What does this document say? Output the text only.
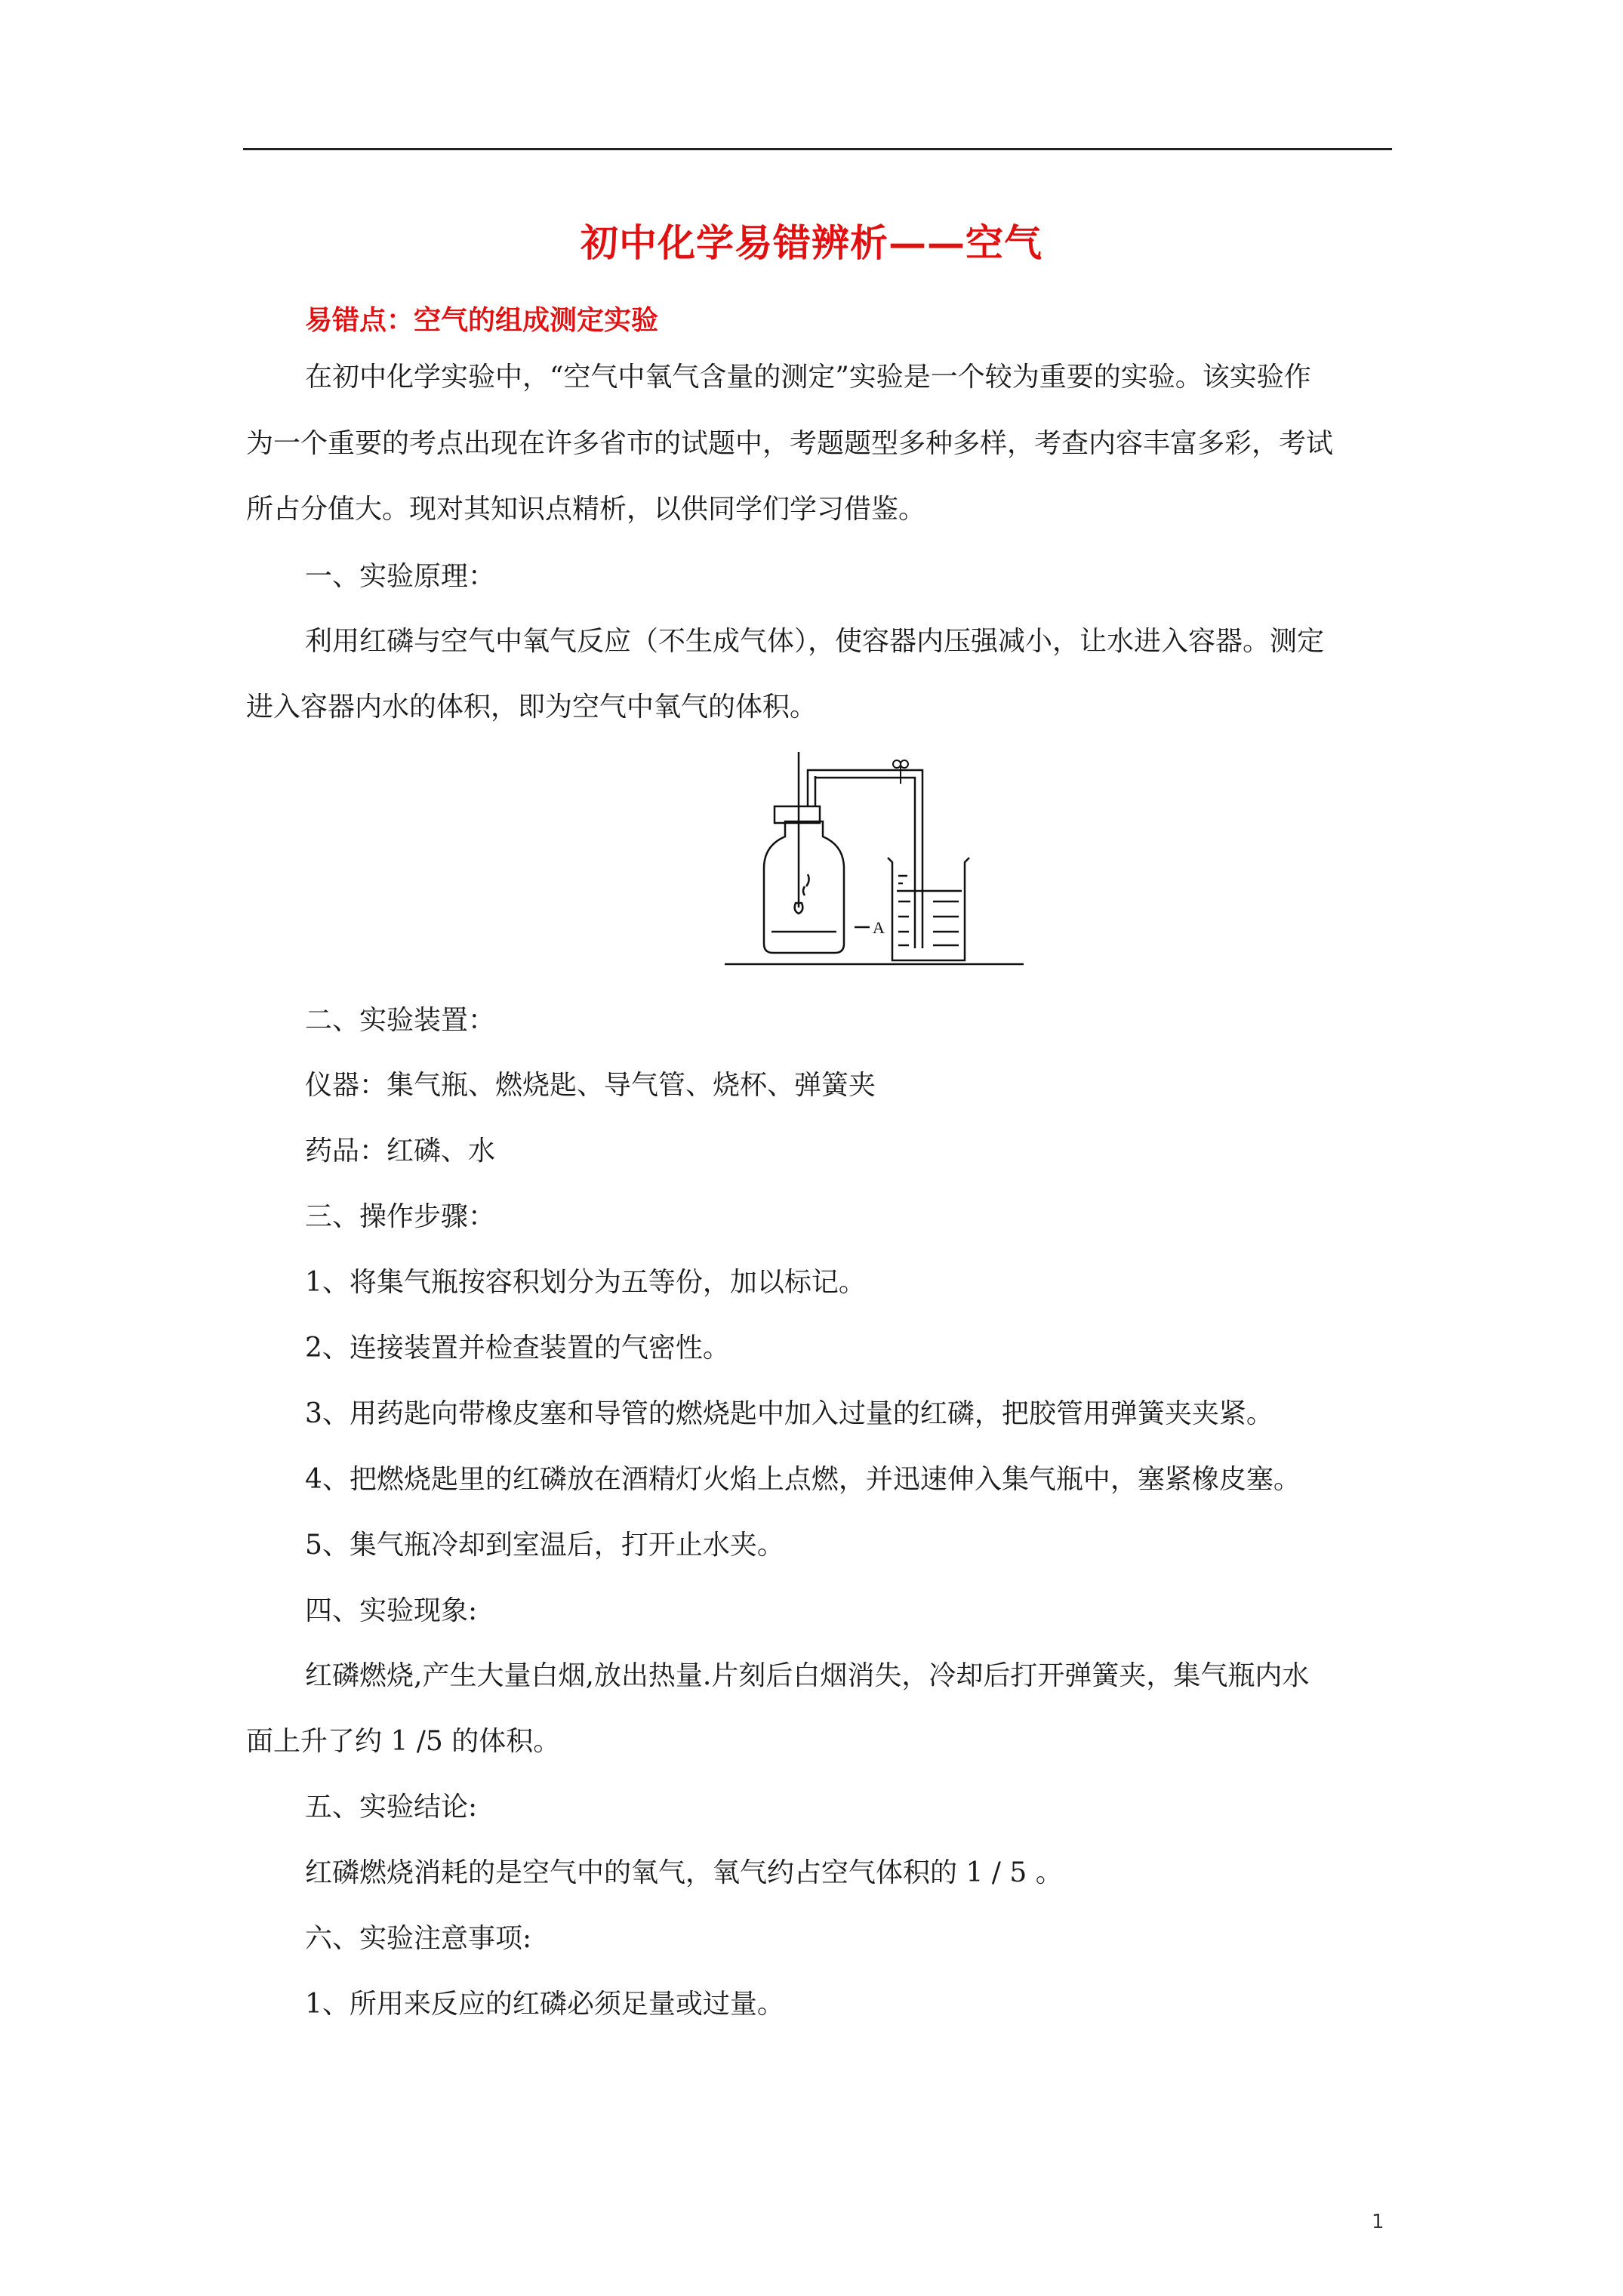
初中化学易错辨析——空气
易错点：空气的组成测定实验
在初中化学实验中，“空气中氧气含量的测定”实验是一个较为重要的实验。该实验作
为一个重要的考点出现在许多省市的试题中，考题题型多种多样，考查内容丰富多彩，考试
所占分值大。现对其知识点精析，以供同学们学习借鉴。
一、实验原理：
利用红磷与空气中氧气反应（不生成气体），使容器内压强减小，让水进入容器。测定
进入容器内水的体积，即为空气中氧气的体积。
A
二、实验装置：
仪器：集气瓶、燃烧匙、导气管、烧杯、弹簧夹
药品：红磷、水
三、操作步骤：
1、将集气瓶按容积划分为五等份，加以标记。
2、连接装置并检查装置的气密性。
3、用药匙向带橡皮塞和导管的燃烧匙中加入过量的红磷，把胶管用弹簧夹夹紧。
4、把燃烧匙里的红磷放在酒精灯火焰上点燃，并迅速伸入集气瓶中，塞紧橡皮塞。
5、集气瓶冷却到室温后，打开止水夹。
四、实验现象:
红磷燃烧,产生大量白烟,放出热量.片刻后白烟消失，冷却后打开弹簧夹，集气瓶内水
面上升了约 1 /5 的体积。
五、实验结论:
红磷燃烧消耗的是空气中的氧气，氧气约占空气体积的 1 / 5 。
六、实验注意事项:
1、所用来反应的红磷必须足量或过量。
1
